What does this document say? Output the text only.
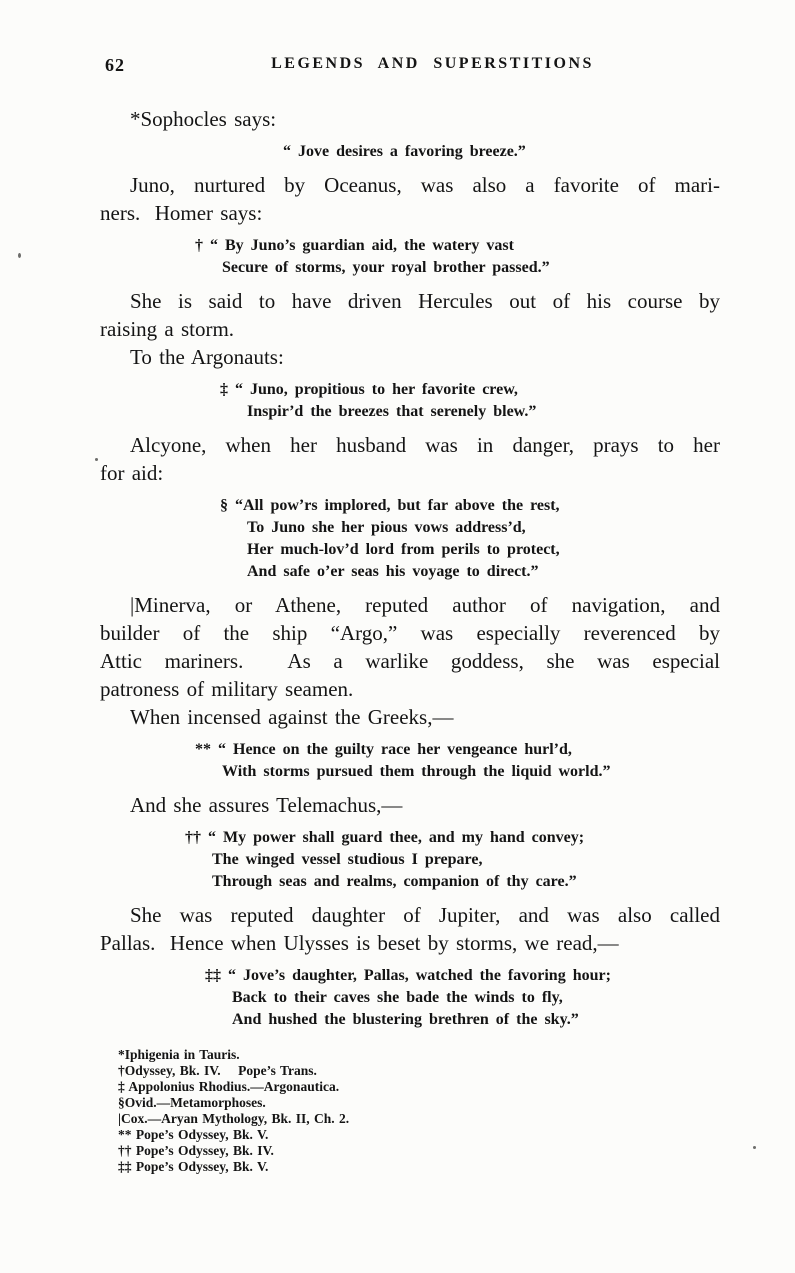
62	LEGENDS AND SUPERSTITIONS
*Sophocles says:
“ Jove desires a favoring breeze.”
Juno, nurtured by Oceanus, was also a favorite of mari-
ners.  Homer says:
† “ By Juno’s guardian aid, the watery vast
Secure of storms, your royal brother passed.”
She is said to have driven Hercules out of his course by
raising a storm.
To the Argonauts:
‡ “ Juno, propitious to her favorite crew,
Inspir’d the breezes that serenely blew.”
Alcyone, when her husband was in danger, prays to her
for aid:
§ “All pow’rs implored, but far above the rest,
To Juno she her pious vows address’d,
Her much-lov’d lord from perils to protect,
And safe o’er seas his voyage to direct.”
|Minerva, or Athene, reputed author of navigation, and
builder of the ship “Argo,” was especially reverenced by
Attic mariners.  As a warlike goddess, she was especial
patroness of military seamen.
When incensed against the Greeks,—
** “ Hence on the guilty race her vengeance hurl’d,
With storms pursued them through the liquid world.”
And she assures Telemachus,—
†† “ My power shall guard thee, and my hand convey;
The winged vessel studious I prepare,
Through seas and realms, companion of thy care.”
She was reputed daughter of Jupiter, and was also called
Pallas.  Hence when Ulysses is beset by storms, we read,—
‡‡ “ Jove’s daughter, Pallas, watched the favoring hour;
Back to their caves she bade the winds to fly,
And hushed the blustering brethren of the sky.”
*Iphigenia in Tauris.
†Odyssey, Bk. IV.    Pope’s Trans.
‡ Appolonius Rhodius.—Argonautica.
§Ovid.—Metamorphoses.
|Cox.—Aryan Mythology, Bk. II, Ch. 2.
** Pope’s Odyssey, Bk. V.
†† Pope’s Odyssey, Bk. IV.
‡‡ Pope’s Odyssey, Bk. V.
